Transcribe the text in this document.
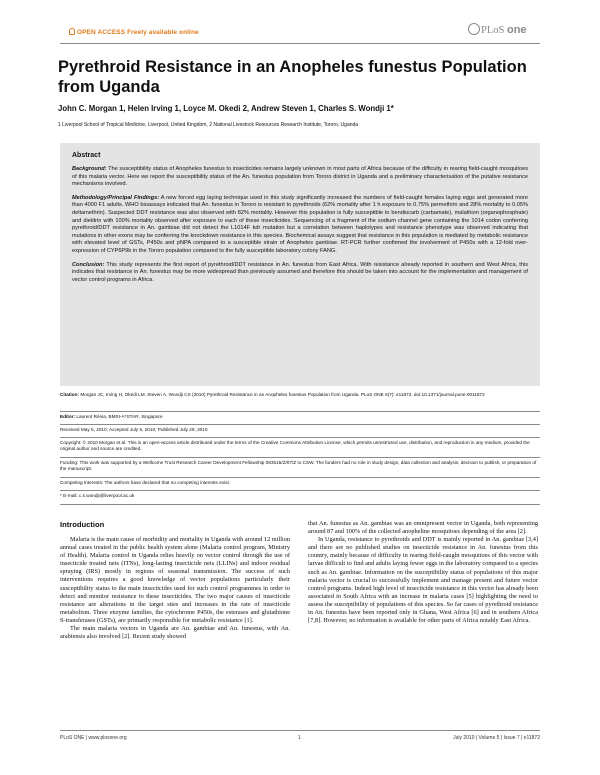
OPEN ACCESS Freely available online	PLoS one
Pyrethroid Resistance in an Anopheles funestus Population from Uganda
John C. Morgan 1, Helen Irving 1, Loyce M. Okedi 2, Andrew Steven 1, Charles S. Wondji 1*
1 Liverpool School of Tropical Medicine, Liverpool, United Kingdom, 2 National Livestock Resources Research Institute, Tororo, Uganda
Abstract

Background: The susceptibility status of Anopheles funestus to insecticides remains largely unknown in most parts of Africa because of the difficulty in rearing field-caught mosquitoes of this malaria vector. Here we report the susceptibility status of the An. funestus population from Tororo district in Uganda and a preliminary characterisation of the putative resistance mechanisms involved.

Methodology/Principal Findings: A new forced egg laying technique used in this study significantly increased the numbers of field-caught females laying eggs and generated more than 4000 F1 adults. WHO bioassays indicated that An. funestus in Tororo is resistant to pyrethroids (62% mortality after 1 h exposure to 0.75% permethrin and 28% mortality to 0.05% deltamethrin). Suspected DDT resistance was also observed with 82% mortality. However this population is fully susceptible to bendiocarb (carbamate), malathion (organophosphate) and dieldrin with 100% mortality observed after exposure to each of these insecticides. Sequencing of a fragment of the sodium channel gene containing the 1014 codon conferring pyrethroid/DDT resistance in An. gambiae did not detect the L1014F kdr mutation but a correlation between haplotypes and resistance phenotype was observed indicating that mutations in other exons may be conferring the knockdown resistance in this species. Biochemical assays suggest that resistance in this population is mediated by metabolic resistance with elevated level of GSTs, P450s and pNPA compared to a susceptible strain of Anopheles gambiae. RT-PCR further confirmed the involvement of P450s with a 12-fold over-expression of CYP6P9b in the Tororo population compared to the fully susceptible laboratory colony FANG.

Conclusion: This study represents the first report of pyrethroid/DDT resistance in An. funestus from East Africa. With resistance already reported in southern and West Africa, this indicates that resistance in An. funestus may be more widespread than previously assumed and therefore this should be taken into account for the implementation and management of vector control programs in Africa.

Citation: Morgan JC, Irving H, Okedi LM, Steven A, Wondji CS (2010) Pyrethroid Resistance in an Anopheles funestus Population from Uganda. PLoS ONE 5(7): e11872. doi:10.1371/journal.pone.0011872
Editor: Laurent Rénia, BMSI-A*STAR, Singapore
Received May 5, 2010; Accepted July 5, 2010; Published July 29, 2010
Copyright: © 2010 Morgan et al. This is an open-access article distributed under the terms of the Creative Commons Attribution License, which permits unrestricted use, distribution, and reproduction in any medium, provided the original author and source are credited.
Funding: This work was supported by a Wellcome Trust Research Career Development Fellowship 083515/Z/07/Z to CSW. The funders had no role in study design, data collection and analysis, decision to publish, or preparation of the manuscript.
Competing Interests: The authors have declared that no competing interests exist.
* E-mail: c.s.wondji@liverpool.ac.uk
Introduction

Malaria is the main cause of morbidity and mortality in Uganda with around 12 million annual cases treated in the public health system alone (Malaria control program, Ministry of Health). Malaria control in Uganda relies heavily on vector control through the use of insecticide treated nets (ITNs), long-lasting insecticide nets (LLINs) and indoor residual spraying (IRS) mostly in regions of seasonal transmission. The success of such interventions requires a good knowledge of vector populations particularly their susceptibility status to the main insecticides used for such control programmes in order to detect and monitor resistance to these insecticides. The two major causes of insecticide resistance are alterations in the target sites and increases in the rate of insecticide metabolism. Three enzyme families, the cytochrome P450s, the esterases and glutathione S-transferases (GSTs), are primarily responsible for metabolic resistance [1].

The main malaria vectors in Uganda are An. gambiae and An. funestus, with An. arabiensis also involved [2]. Recent study showed

that An. funestus as An. gambiae was an omnipresent vector in Uganda, both representing around 87 and 100% of the collected anopheline mosquitoes depending of the area [2].

In Uganda, resistance to pyrethroids and DDT is mainly reported in An. gambiae [3,4] and there are no published studies on insecticide resistance in An. funestus from this country, mainly because of difficulty in rearing field-caught mosquitoes of this vector with larvae difficult to find and adults laying fewer eggs in the laboratory compared to a species such as An. gambiae. Information on the susceptibility status of populations of this major malaria vector is crucial to successfully implement and manage present and future vector control programs. Indeed high level of insecticide resistance in this vector has already been associated in South Africa with an increase in malaria cases [5] highlighting the need to assess the susceptibility of populations of this species. So far cases of pyrethroid resistance in An. funestus have been reported only in Ghana, West Africa [6] and in southern Africa [7,8]. However, no information is available for other parts of Africa notably East Africa.

PLoS ONE | www.plosone.org	1	July 2010 | Volume 5 | Issue 7 | e11872
